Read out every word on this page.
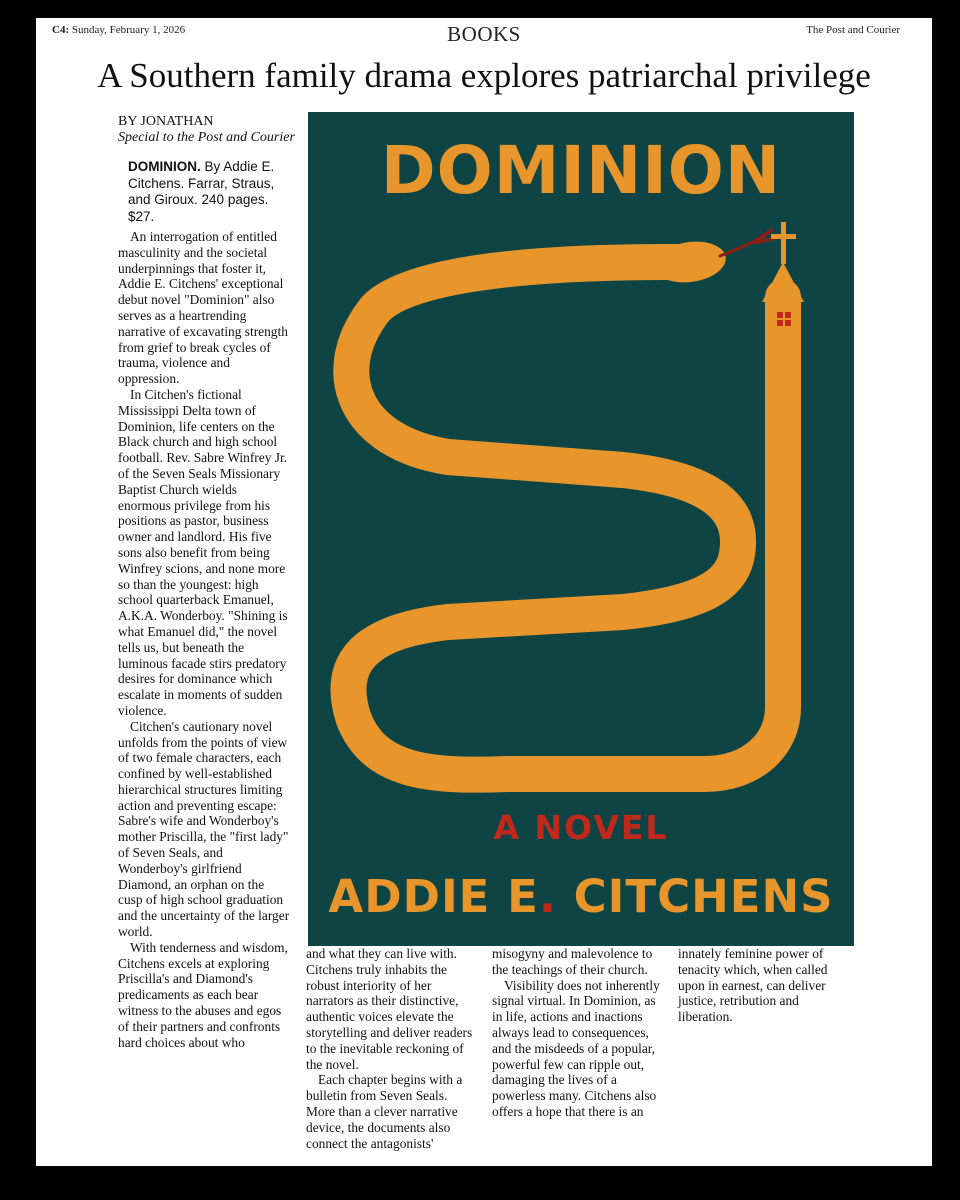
C4: Sunday, February 1, 2026	BOOKS	The Post and Courier
A Southern family drama explores patriarchal privilege
BY JONATHAN
Special to the Post and Courier
DOMINION. By Addie E. Citchens. Farrar, Straus, and Giroux. 240 pages. $27.

An interrogation of entitled masculinity and the societal underpinnings that foster it, Addie E. Citchens' exceptional debut novel "Dominion" also serves as a heartrending narrative of excavating strength from grief to break cycles of trauma, violence and oppression.

In Citchen's fictional Mississippi Delta town of Dominion, life centers on the Black church and high school football. Rev. Sabre Winfrey Jr. of the Seven Seals Missionary Baptist Church wields enormous privilege from his positions as pastor, business owner and landlord. His five sons also benefit from being Winfrey scions, and none more so than the youngest: high school quarterback Emanuel, A.K.A. Wonderboy. "Shining is what Emanuel did," the novel tells us, but beneath the luminous facade stirs predatory desires for dominance which escalate in moments of sudden violence.

Citchen's cautionary novel unfolds from the points of view of two female characters, each confined by well-established hierarchical structures limiting action and preventing escape: Sabre's wife and Wonderboy's mother Priscilla, the "first lady" of Seven Seals, and Wonderboy's girlfriend Diamond, an orphan on the cusp of high school graduation and the uncertainty of the larger world.

With tenderness and wisdom, Citchens excels at exploring Priscilla's and Diamond's predicaments as each bear witness to the abuses and egos of their partners and confronts hard choices about who

DOMINION
A NOVEL
ADDIE E. CITCHENS

and what they can live with. Citchens truly inhabits the robust interiority of her narrators as their distinctive, authentic voices elevate the storytelling and deliver readers to the inevitable reckoning of the novel.

Each chapter begins with a bulletin from Seven Seals. More than a clever narrative device, the documents also connect the antagonists'

misogyny and malevolence to the teachings of their church.

Visibility does not inherently signal virtual. In Dominion, as in life, actions and inactions always lead to consequences, and the misdeeds of a popular, powerful few can ripple out, damaging the lives of a powerless many. Citchens also offers a hope that there is an

innately feminine power of tenacity which, when called upon in earnest, can deliver justice, retribution and liberation.
